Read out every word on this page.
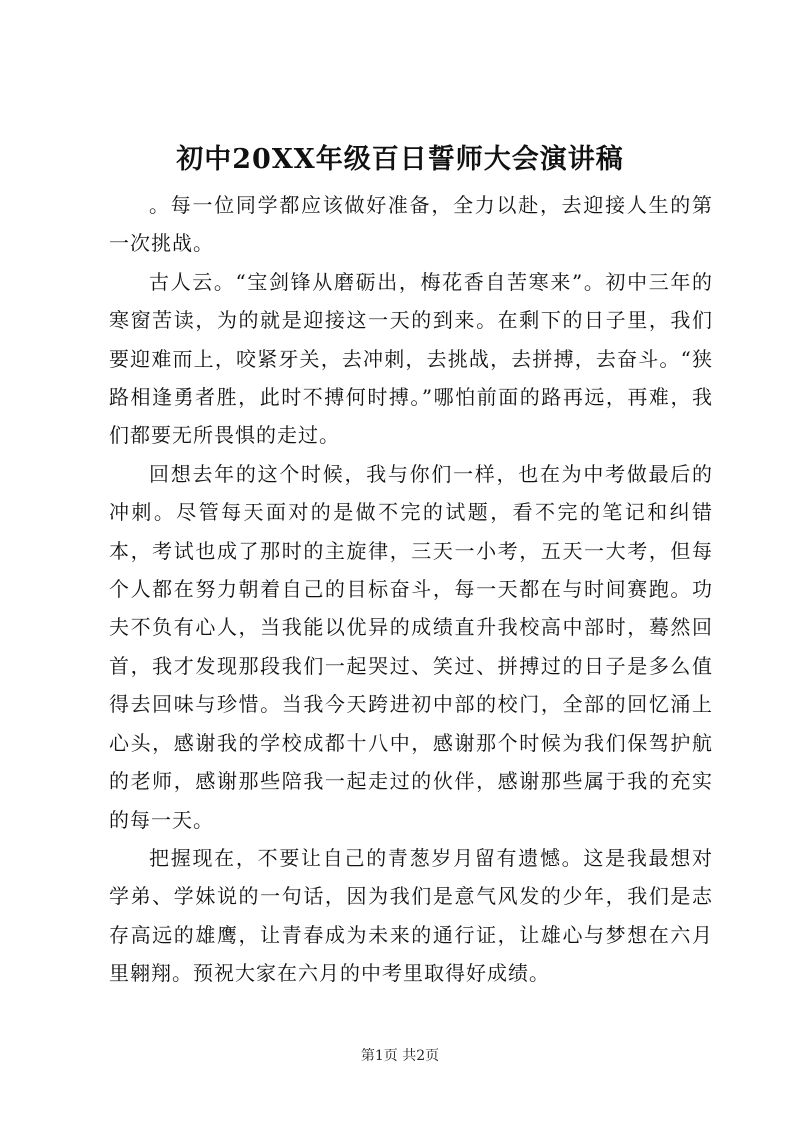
初中20XX年级百日誓师大会演讲稿

。每一位同学都应该做好准备，全力以赴，去迎接人生的第一次挑战。

古人云。“宝剑锋从磨砺出，梅花香自苦寒来”。初中三年的寒窗苦读，为的就是迎接这一天的到来。在剩下的日子里，我们要迎难而上，咬紧牙关，去冲刺，去挑战，去拼搏，去奋斗。“狭路相逢勇者胜，此时不搏何时搏。”哪怕前面的路再远，再难，我们都要无所畏惧的走过。

回想去年的这个时候，我与你们一样，也在为中考做最后的冲刺。尽管每天面对的是做不完的试题，看不完的笔记和纠错本，考试也成了那时的主旋律，三天一小考，五天一大考，但每个人都在努力朝着自己的目标奋斗，每一天都在与时间赛跑。功夫不负有心人，当我能以优异的成绩直升我校高中部时，蓦然回首，我才发现那段我们一起哭过、笑过、拼搏过的日子是多么值得去回味与珍惜。当我今天跨进初中部的校门，全部的回忆涌上心头，感谢我的学校成都十八中，感谢那个时候为我们保驾护航的老师，感谢那些陪我一起走过的伙伴，感谢那些属于我的充实的每一天。

把握现在，不要让自己的青葱岁月留有遗憾。这是我最想对学弟、学妹说的一句话，因为我们是意气风发的少年，我们是志存高远的雄鹰，让青春成为未来的通行证，让雄心与梦想在六月里翱翔。预祝大家在六月的中考里取得好成绩。

第1页 共2页
